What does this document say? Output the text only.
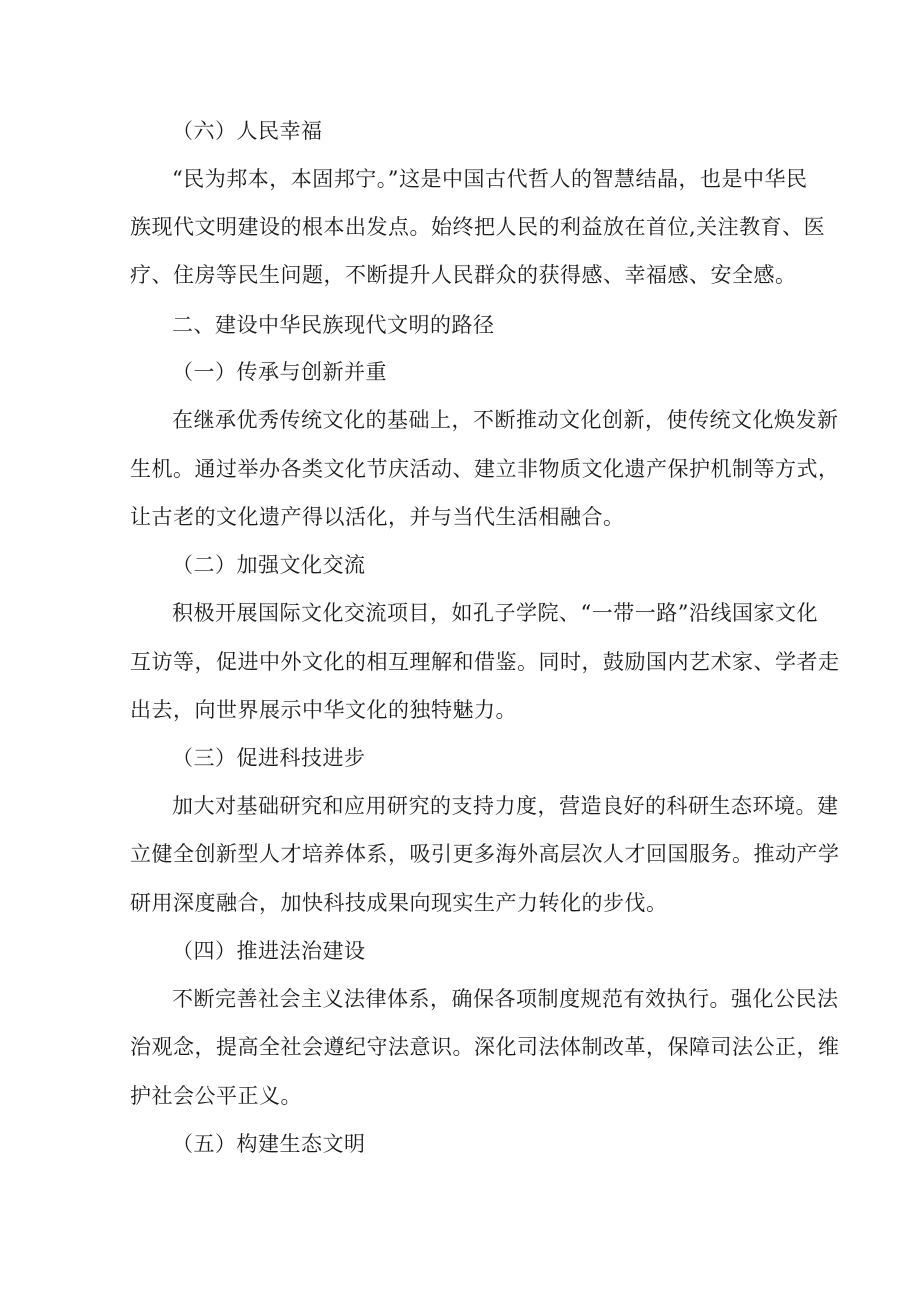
（六）人民幸福
“民为邦本，本固邦宁。”这是中国古代哲人的智慧结晶，也是中华民
族现代文明建设的根本出发点。始终把人民的利益放在首位,关注教育、医
疗、住房等民生问题，不断提升人民群众的获得感、幸福感、安全感。
二、建设中华民族现代文明的路径
（一）传承与创新并重
在继承优秀传统文化的基础上，不断推动文化创新，使传统文化焕发新
生机。通过举办各类文化节庆活动、建立非物质文化遗产保护机制等方式，
让古老的文化遗产得以活化，并与当代生活相融合。
（二）加强文化交流
积极开展国际文化交流项目，如孔子学院、“一带一路”沿线国家文化
互访等，促进中外文化的相互理解和借鉴。同时，鼓励国内艺术家、学者走
出去，向世界展示中华文化的独特魅力。
（三）促进科技进步
加大对基础研究和应用研究的支持力度，营造良好的科研生态环境。建
立健全创新型人才培养体系，吸引更多海外高层次人才回国服务。推动产学
研用深度融合，加快科技成果向现实生产力转化的步伐。
（四）推进法治建设
不断完善社会主义法律体系，确保各项制度规范有效执行。强化公民法
治观念，提高全社会遵纪守法意识。深化司法体制改革，保障司法公正，维
护社会公平正义。
（五）构建生态文明
